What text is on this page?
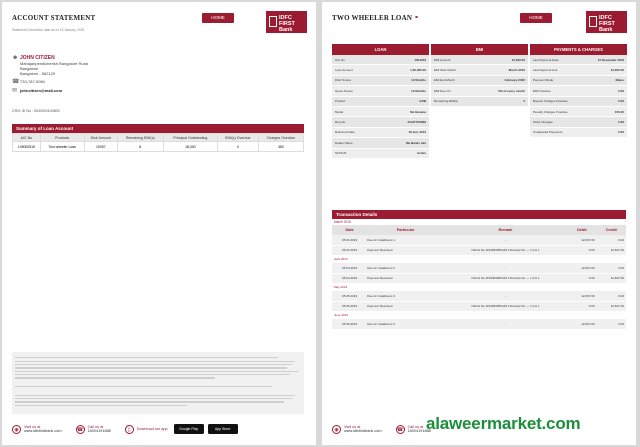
ACCOUNT STATEMENT	HOME	IDFC FIRST
Bank
Statement Generation date as on 15 January, 2020
☻ JOHN CITIZEN
Mahajanpendicherikh Bangalore Rural
Bangalore
Bangalore - 562129
☎ 733-787-5084
✉ johncitizen@mail.com
CRN: ID No : 5043091100800
Summary of Loan Account
A/C No	Products	Disb Amount	Remaining EMI(s)	Principal Outstanding	EMI(s) Overdue	Charges Overdue
149000515	Two wheeler Loan	10057	8	18,000	0	350
◉	Visit us at
www.idfcfirstbank.com	☎	Call us at
18004191888	▯	Download our app	Google Play	App Store
TWO WHEELER LOAN ⚭	HOME	IDFC FIRST
Bank
LOAN
A/C No	1001253
Loan Amount	1,00,000.00
Disb Tenure	12 Months
Gross Tenure	12 Months
Product	4-DB
Model	Me Banana
Reg No	KA01YP9966
Delivered Date	18 Jan, 2019
Dealer Name	Me Banks Jan
STATUS	Active
EMI
EMI Amount	12,000.00
EMI Start Month	March 2019
EMI End Month	February 2020
EMI Due On	5th of every month
Remaining EMI(s)	2
PAYMENTS & CHARGES
Last Payment Date	15 December 2019
Last Payment Amt	12,000.00
Payment Mode	Mates
EMI Overdue	0.00
Bounce Charges Overdue	0.00
Penalty Charges Overdue	150.00
Other Charges	0.00
Unadjusted Payments	0.00
Transaction Details
March 2019
Date	Particular	Remark	Debit	Credit
05.03.2019	Due for Installment 1	-	12,847.00	0.00
05.03.2019	Payment Received	NACH No 1154903956415 4 Receipt No — L N A L	0.00	12,847.00
April 2019				
05.04.2019	Due for Installment 2	-	12,847.00	0.00
05.04.2019	Payment Received	NACH No 1154903956415 4 Receipt No — L N A L	0.00	12,847.00
May 2019				
05.05.2019	Due for Installment 3	-	12,847.00	0.00
05.05.2019	Payment Received	NACH No 1154903956415 4 Receipt No — L N A L	0.00	12,847.00
June 2019				
05.06.2019	Due for Installment 4	-	12,847.00	0.00
◉	Visit us at
www.idfcfirstbank.com	☎	Call us at
18004191888
alaweermarket.com
